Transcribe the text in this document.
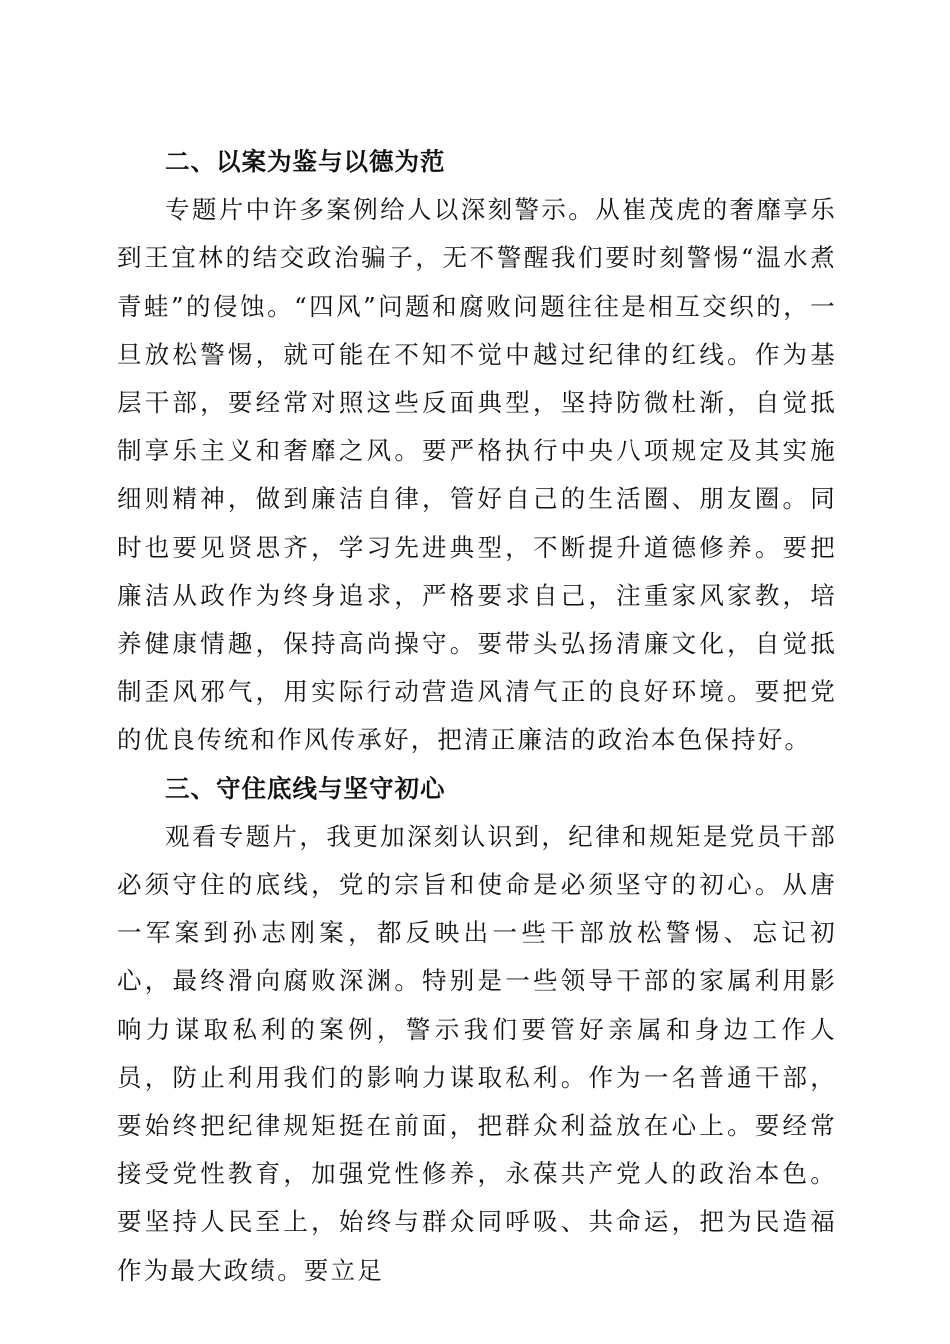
二、以案为鉴与以德为范

专题片中许多案例给人以深刻警示。从崔茂虎的奢靡享乐到王宜林的结交政治骗子，无不警醒我们要时刻警惕“温水煮青蛙”的侵蚀。“四风”问题和腐败问题往往是相互交织的，一旦放松警惕，就可能在不知不觉中越过纪律的红线。作为基层干部，要经常对照这些反面典型，坚持防微杜渐，自觉抵制享乐主义和奢靡之风。要严格执行中央八项规定及其实施细则精神，做到廉洁自律，管好自己的生活圈、朋友圈。同时也要见贤思齐，学习先进典型，不断提升道德修养。要把廉洁从政作为终身追求，严格要求自己，注重家风家教，培养健康情趣，保持高尚操守。要带头弘扬清廉文化，自觉抵制歪风邪气，用实际行动营造风清气正的良好环境。要把党的优良传统和作风传承好，把清正廉洁的政治本色保持好。

三、守住底线与坚守初心

观看专题片，我更加深刻认识到，纪律和规矩是党员干部必须守住的底线，党的宗旨和使命是必须坚守的初心。从唐一军案到孙志刚案，都反映出一些干部放松警惕、忘记初心，最终滑向腐败深渊。特别是一些领导干部的家属利用影响力谋取私利的案例，警示我们要管好亲属和身边工作人员，防止利用我们的影响力谋取私利。作为一名普通干部，要始终把纪律规矩挺在前面，把群众利益放在心上。要经常接受党性教育，加强党性修养，永葆共产党人的政治本色。要坚持人民至上，始终与群众同呼吸、共命运，把为民造福作为最大政绩。要立足
